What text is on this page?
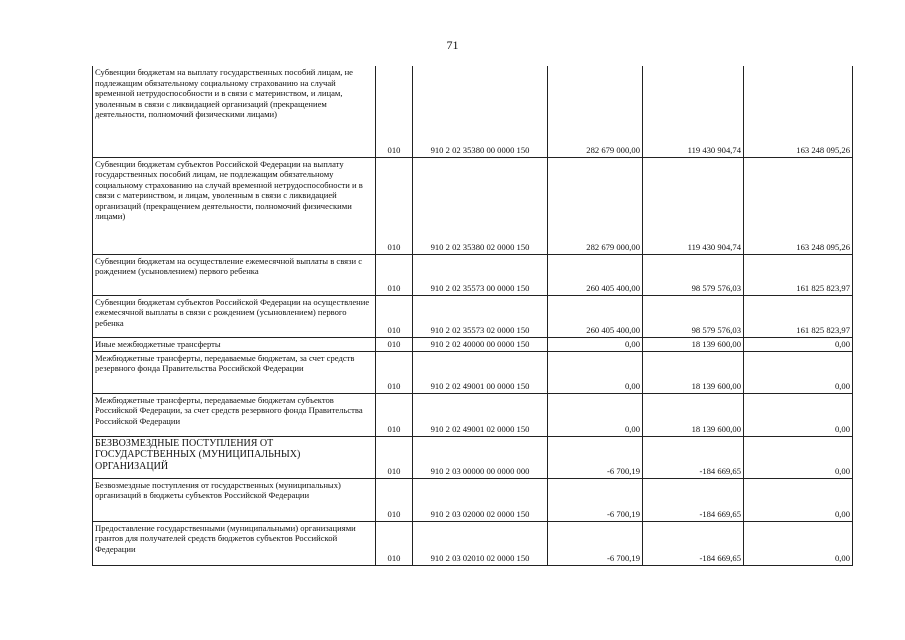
71
Субвенции бюджетам на выплату государственных пособий лицам, не подлежащим обязательному социальному страхованию на случай временной нетрудоспособности и в связи с материнством, и лицам, уволенным в связи с ликвидацией организаций (прекращением деятельности, полномочий физическими лицами)	010	910 2 02 35380 00 0000 150	282 679 000,00	119 430 904,74	163 248 095,26
Субвенции бюджетам субъектов Российской Федерации на выплату государственных пособий лицам, не подлежащим обязательному социальному страхованию на случай временной нетрудоспособности и в связи с материнством, и лицам, уволенным в связи с ликвидацией организаций (прекращением деятельности, полномочий физическими лицами)	010	910 2 02 35380 02 0000 150	282 679 000,00	119 430 904,74	163 248 095,26
Субвенции бюджетам на осуществление ежемесячной выплаты в связи с рождением (усыновлением) первого ребенка	010	910 2 02 35573 00 0000 150	260 405 400,00	98 579 576,03	161 825 823,97
Субвенции бюджетам субъектов Российской Федерации на осуществление ежемесячной выплаты в связи с рождением (усыновлением) первого ребенка	010	910 2 02 35573 02 0000 150	260 405 400,00	98 579 576,03	161 825 823,97
Иные межбюджетные трансферты	010	910 2 02 40000 00 0000 150	0,00	18 139 600,00	0,00
Межбюджетные трансферты, передаваемые бюджетам, за счет средств резервного фонда Правительства Российской Федерации	010	910 2 02 49001 00 0000 150	0,00	18 139 600,00	0,00
Межбюджетные трансферты, передаваемые бюджетам субъектов Российской Федерации, за счет средств резервного фонда Правительства Российской Федерации	010	910 2 02 49001 02 0000 150	0,00	18 139 600,00	0,00
БЕЗВОЗМЕЗДНЫЕ ПОСТУПЛЕНИЯ ОТ ГОСУДАРСТВЕННЫХ (МУНИЦИПАЛЬНЫХ) ОРГАНИЗАЦИЙ	010	910 2 03 00000 00 0000 000	-6 700,19	-184 669,65	0,00
Безвозмездные поступления от государственных (муниципальных) организаций в бюджеты субъектов Российской Федерации	010	910 2 03 02000 02 0000 150	-6 700,19	-184 669,65	0,00
Предоставление государственными (муниципальными) организациями грантов для получателей средств бюджетов субъектов Российской Федерации	010	910 2 03 02010 02 0000 150	-6 700,19	-184 669,65	0,00
